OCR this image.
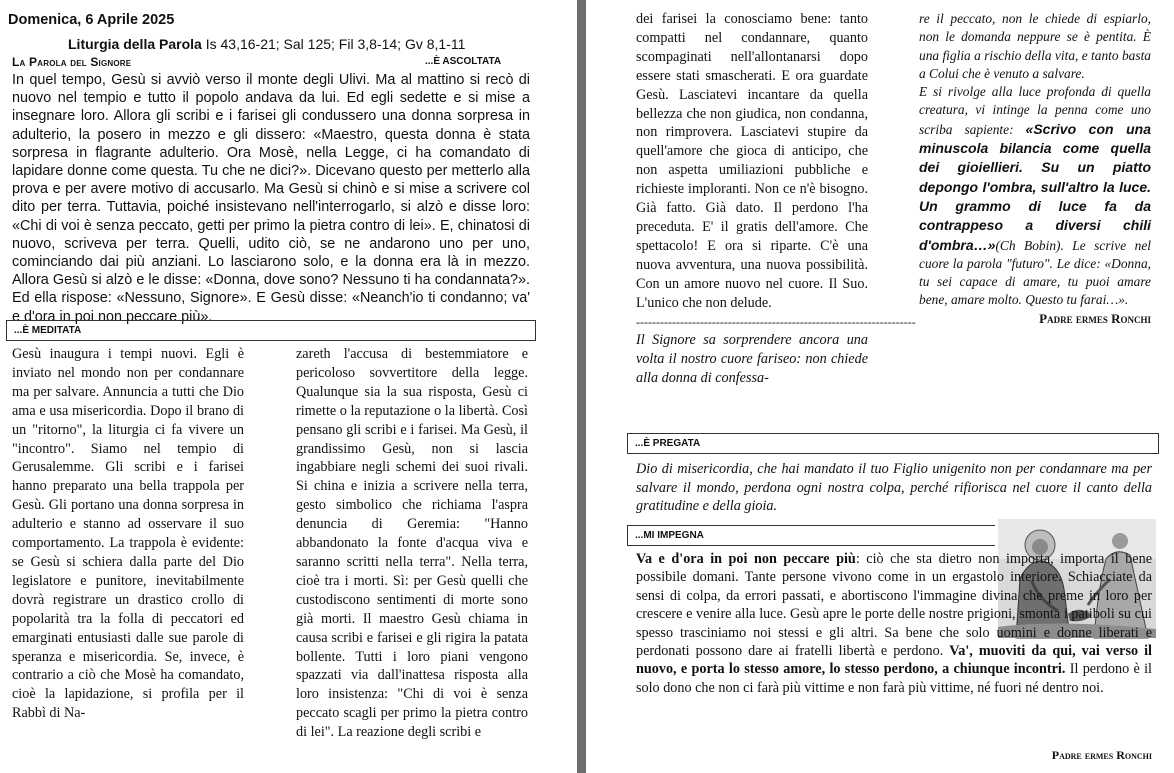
Domenica, 6 Aprile 2025
Liturgia della Parola Is 43,16-21; Sal 125; Fil 3,8-14; Gv 8,1-11
La Parola del Signore	...È ASCOLTATA

In quel tempo, Gesù si avviò verso il monte degli Ulivi. Ma al mattino si recò di nuovo nel tempio e tutto il popolo andava da lui. Ed egli sedette e si mise a insegnare loro. Allora gli scribi e i farisei gli condussero una donna sorpresa in adulterio, la posero in mezzo e gli dissero: «Maestro, questa donna è stata sorpresa in flagrante adulterio. Ora Mosè, nella Legge, ci ha comandato di lapidare donne come questa. Tu che ne dici?». Dicevano questo per metterlo alla prova e per avere motivo di accusarlo. Ma Gesù si chinò e si mise a scrivere col dito per terra. Tuttavia, poiché insistevano nell'interrogarlo, si alzò e disse loro: «Chi di voi è senza peccato, getti per primo la pietra contro di lei». E, chinatosi di nuovo, scriveva per terra. Quelli, udito ciò, se ne andarono uno per uno, cominciando dai più anziani. Lo lasciarono solo, e la donna era là in mezzo. Allora Gesù si alzò e le disse: «Donna, dove sono? Nessuno ti ha condannata?». Ed ella rispose: «Nessuno, Signore». E Gesù disse: «Neanch'io ti condanno; va' e d'ora in poi non peccare più».

...È MEDITATA

Gesù inaugura i tempi nuovi. Egli è inviato nel mondo non per condannare ma per salvare. Annuncia a tutti che Dio ama e usa misericordia. Dopo il brano di un "ritorno", la liturgia ci fa vivere un "incontro". Siamo nel tempio di Gerusalemme. Gli scribi e i farisei hanno preparato una bella trappola per Gesù. Gli portano una donna sorpresa in adulterio e stanno ad osservare il suo comportamento. La trappola è evidente: se Gesù si schiera dalla parte del Dio legislatore e punitore, inevitabilmente dovrà registrare un drastico crollo di popolarità tra la folla di peccatori ed emarginati entusiasti dalle sue parole di speranza e misericordia. Se, invece, è contrario a ciò che Mosè ha comandato, cioè la lapidazione, si profila per il Rabbì di Na-

zareth l'accusa di bestemmiatore e pericoloso sovvertitore della legge. Qualunque sia la sua risposta, Gesù ci rimette o la reputazione o la libertà. Così pensano gli scribi e i farisei. Ma Gesù, il grandissimo Gesù, non si lascia ingabbiare negli schemi dei suoi rivali. Si china e inizia a scrivere nella terra, gesto simbolico che richiama l'aspra denuncia di Geremia: "Hanno abbandonato la fonte d'acqua viva e saranno scritti nella terra". Nella terra, cioè tra i morti. Sì: per Gesù quelli che custodiscono sentimenti di morte sono già morti. Il maestro Gesù chiama in causa scribi e farisei e gli rigira la patata bollente. Tutti i loro piani vengono spazzati via dall'inattesa risposta alla loro insistenza: "Chi di voi è senza peccato scagli per primo la pietra contro di lei". La reazione degli scribi e

dei farisei la conosciamo bene: tanto compatti nel condannare, quanto scompaginati nell'allontanarsi dopo essere stati smascherati. E ora guardate Gesù. Lasciatevi incantare da quella bellezza che non giudica, non condanna, non rimprovera. Lasciatevi stupire da quell'amore che gioca di anticipo, che non aspetta umiliazioni pubbliche e richieste imploranti. Non ce n'è bisogno. Già fatto. Già dato. Il perdono l'ha preceduta. E' il gratis dell'amore. Che spettacolo! E ora si riparte. C'è una nuova avventura, una nuova possibilità. Con un amore nuovo nel cuore. Il Suo. L'unico che non delude.

----------------------------------------------------------------------

Il Signore sa sorprendere ancora una volta il nostro cuore fariseo: non chiede alla donna di confessa-

re il peccato, non le chiede di espiarlo, non le domanda neppure se è pentita. È una figlia a rischio della vita, e tanto basta a Colui che è venuto a salvare.

E si rivolge alla luce profonda di quella creatura, vi intinge la penna come uno scriba sapiente: «Scrivo con una minuscola bilancia come quella dei gioiellieri. Su un piatto depongo l'ombra, sull'altro la luce. Un grammo di luce fa da contrappeso a diversi chili d'ombra…»(Ch Bobin). Le scrive nel cuore la parola "futuro". Le dice: «Donna, tu sei capace di amare, tu puoi amare bene, amare molto. Questo tu farai…».

Padre ermes Ronchi
...È PREGATA
Dio di misericordia, che hai mandato il tuo Figlio unigenito non per condannare ma per salvare il mondo, perdona ogni nostra colpa, perché rifiorisca nel cuore il canto della gratitudine e della gioia.
...MI IMPEGNA

Va e d'ora in poi non peccare più: ciò che sta dietro non importa, importa il bene possibile domani. Tante persone vivono come in un ergastolo interiore. Schiacciate da sensi di colpa, da errori passati, e abortiscono l'immagine divina che preme in loro per crescere e venire alla luce. Gesù apre le porte delle nostre prigioni, smonta i patiboli su cui spesso trasciniamo noi stessi e gli altri. Sa bene che solo uomini e donne liberati e perdonati possono dare ai fratelli libertà e perdono. Va', muoviti da qui, vai verso il nuovo, e porta lo stesso amore, lo stesso perdono, a chiunque incontri. Il perdono è il solo dono che non ci farà più vittime e non farà più vittime, né fuori né dentro noi.

Padre ermes Ronchi
